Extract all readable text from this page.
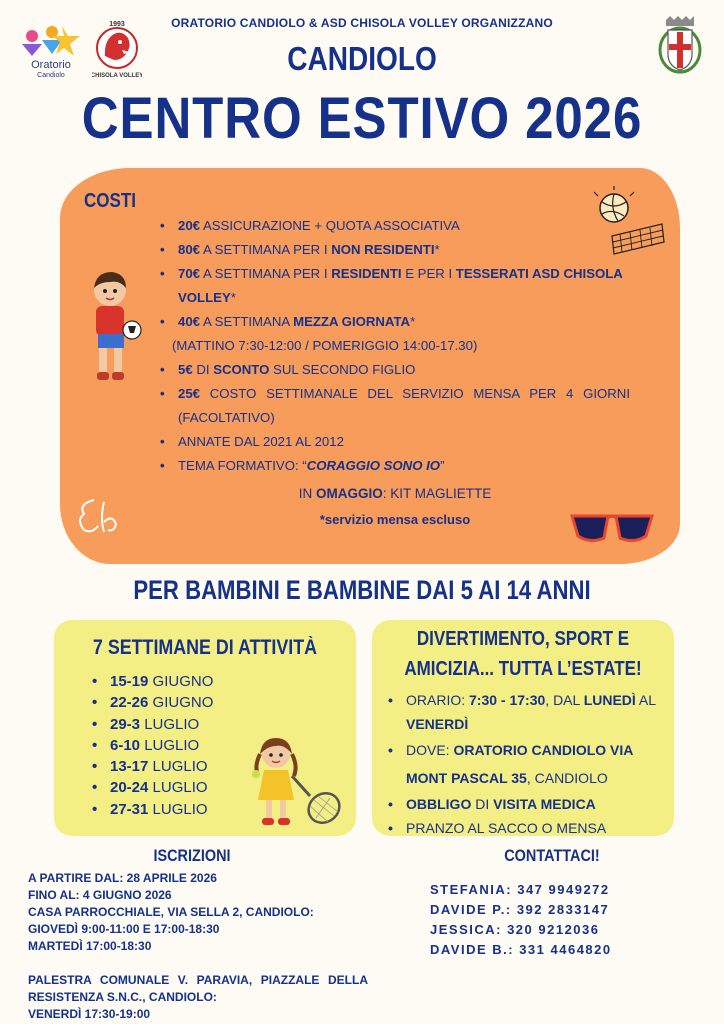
ORATORIO CANDIOLO & ASD CHISOLA VOLLEY ORGANIZZANO
CANDIOLO
CENTRO ESTIVO 2026
Oratorio
Candiolo
1993
CHISOLA VOLLEY
COSTI
• 20€ ASSICURAZIONE + QUOTA ASSOCIATIVA
• 80€ A SETTIMANA PER I NON RESIDENTI*
• 70€ A SETTIMANA PER I RESIDENTI E PER I TESSERATI ASD CHISOLA VOLLEY*
• 40€ A SETTIMANA MEZZA GIORNATA*
(MATTINO 7:30-12:00 / POMERIGGIO 14:00-17.30)
• 5€ DI SCONTO SUL SECONDO FIGLIO
• 25€ COSTO SETTIMANALE DEL SERVIZIO MENSA PER 4 GIORNI (FACOLTATIVO)
• ANNATE DAL 2021 AL 2012
• TEMA FORMATIVO: “CORAGGIO SONO IO”
IN OMAGGIO: KIT MAGLIETTE
*servizio mensa escluso
PER BAMBINI E BAMBINE DAI 5 AI 14 ANNI
7 SETTIMANE DI ATTIVITÀ
• 15-19 GIUGNO
• 22-26 GIUGNO
• 29-3 LUGLIO
• 6-10 LUGLIO
• 13-17 LUGLIO
• 20-24 LUGLIO
• 27-31 LUGLIO
DIVERTIMENTO, SPORT E
AMICIZIA... TUTTA L’ESTATE!
• ORARIO: 7:30 - 17:30, DAL LUNEDÌ AL VENERDÌ
• DOVE: ORATORIO CANDIOLO VIA MONT PASCAL 35, CANDIOLO
• OBBLIGO DI VISITA MEDICA
• PRANZO AL SACCO O MENSA
ISCRIZIONI
A PARTIRE DAL: 28 APRILE 2026
FINO AL: 4 GIUGNO 2026
CASA PARROCCHIALE, VIA SELLA 2, CANDIOLO:
GIOVEDÌ 9:00-11:00 E 17:00-18:30
MARTEDÌ 17:00-18:30
PALESTRA COMUNALE V. PARAVIA, PIAZZALE DELLA RESISTENZA S.N.C., CANDIOLO:
VENERDÌ 17:30-19:00
CONTATTACI!
STEFANIA: 347 9949272
DAVIDE P.: 392 2833147
JESSICA: 320 9212036
DAVIDE B.: 331 4464820
